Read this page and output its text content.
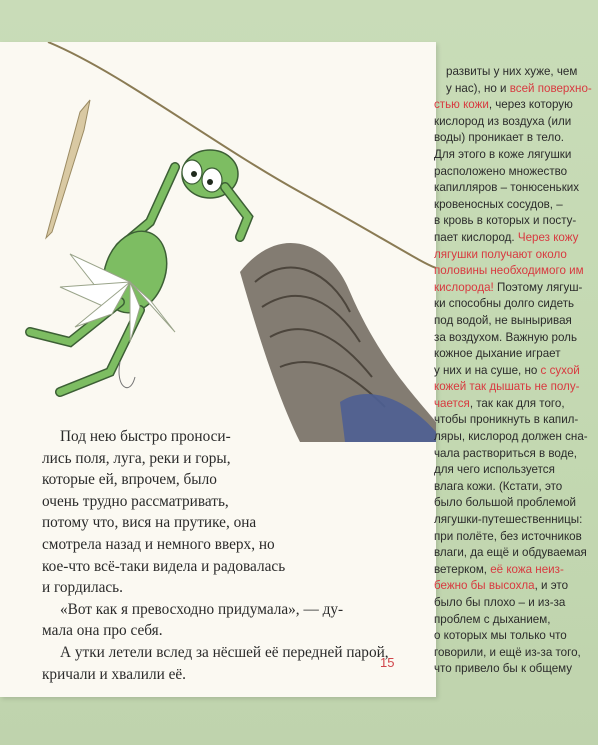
Под нею быстро проноси-
лись поля, луга, реки и горы,
которые ей, впрочем, было
очень трудно рассматривать,
потому что, вися на прутике, она
смотрела назад и немного вверх, но
кое-что всё-таки видела и радовалась
и гордилась.
«Вот как я превосходно придумала», — ду-
мала она про себя.
А утки летели вслед за нёсшей её передней парой,
кричали и хвалили её.
15
развиты у них хуже, чем
у нас), но и всей поверхно-
стью кожи, через которую
кислород из воздуха (или
воды) проникает в тело.
Для этого в коже лягушки
расположено множество
капилляров – тонюсеньких
кровеносных сосудов, –
в кровь в которых и посту-
пает кислород. Через кожу
лягушки получают около
половины необходимого им
кислорода! Поэтому лягуш-
ки способны долго сидеть
под водой, не выныривая
за воздухом. Важную роль
кожное дыхание играет
у них и на суше, но с сухой
кожей так дышать не полу-
чается, так как для того,
чтобы проникнуть в капил-
ляры, кислород должен сна-
чала раствориться в воде,
для чего используется
влага кожи. (Кстати, это
было большой проблемой
лягушки-путешественницы:
при полёте, без источников
влаги, да ещё и обдуваемая
ветерком, её кожа неиз-
бежно бы высохла, и это
было бы плохо – и из-за
проблем с дыханием,
о которых мы только что
говорили, и ещё из-за того,
что привело бы к общему
